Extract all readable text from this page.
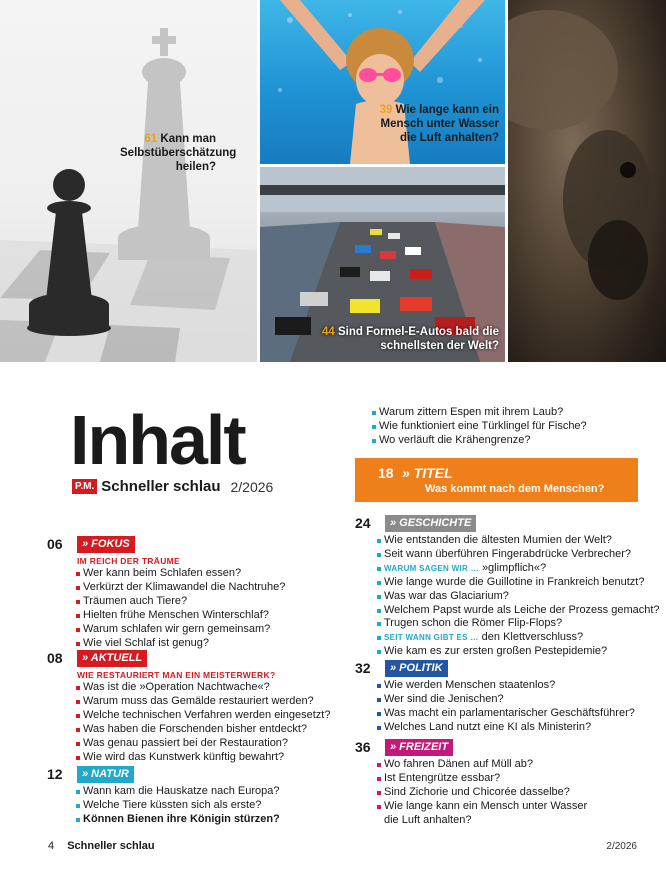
61 Kann man Selbstüberschätzung heilen?
39 Wie lange kann ein Mensch unter Wasser die Luft anhalten?
44 Sind Formel-E-Autos bald die schnellsten der Welt?
Inhalt
P.M. Schneller schlau 2/2026
Warum zittern Espen mit ihrem Laub?
Wie funktioniert eine Türklingel für Fische?
Wo verläuft die Krähengrenze?
18 » TITEL
Was kommt nach dem Menschen?
06	» FOKUS
IM REICH DER TRÄUME
Wer kann beim Schlafen essen?
Verkürzt der Klimawandel die Nachtruhe?
Träumen auch Tiere?
Hielten frühe Menschen Winterschlaf?
Warum schlafen wir gern gemeinsam?
Wie viel Schlaf ist genug?
08	» AKTUELL
WIE RESTAURIERT MAN EIN MEISTERWERK?
Was ist die »Operation Nachtwache«?
Warum muss das Gemälde restauriert werden?
Welche technischen Verfahren werden eingesetzt?
Was haben die Forschenden bisher entdeckt?
Was genau passiert bei der Restauration?
Wie wird das Kunstwerk künftig bewahrt?
12	» NATUR
Wann kam die Hauskatze nach Europa?
Welche Tiere küssten sich als erste?
Können Bienen ihre Königin stürzen?
24	» GESCHICHTE
Wie entstanden die ältesten Mumien der Welt?
Seit wann überführen Fingerabdrücke Verbrecher?
WARUM SAGEN WIR … »glimpflich«?
Wie lange wurde die Guillotine in Frankreich benutzt?
Was war das Glaciarium?
Welchem Papst wurde als Leiche der Prozess gemacht?
Trugen schon die Römer Flip-Flops?
SEIT WANN GIBT ES … den Klettverschluss?
Wie kam es zur ersten großen Pestepidemie?
32	» POLITIK
Wie werden Menschen staatenlos?
Wer sind die Jenischen?
Was macht ein parlamentarischer Geschäftsführer?
Welches Land nutzt eine KI als Ministerin?
36	» FREIZEIT
Wo fahren Dänen auf Müll ab?
Ist Entengrütze essbar?
Sind Zichorie und Chicorée dasselbe?
Wie lange kann ein Mensch unter Wasser die Luft anhalten?
4 Schneller schlau	2/2026
